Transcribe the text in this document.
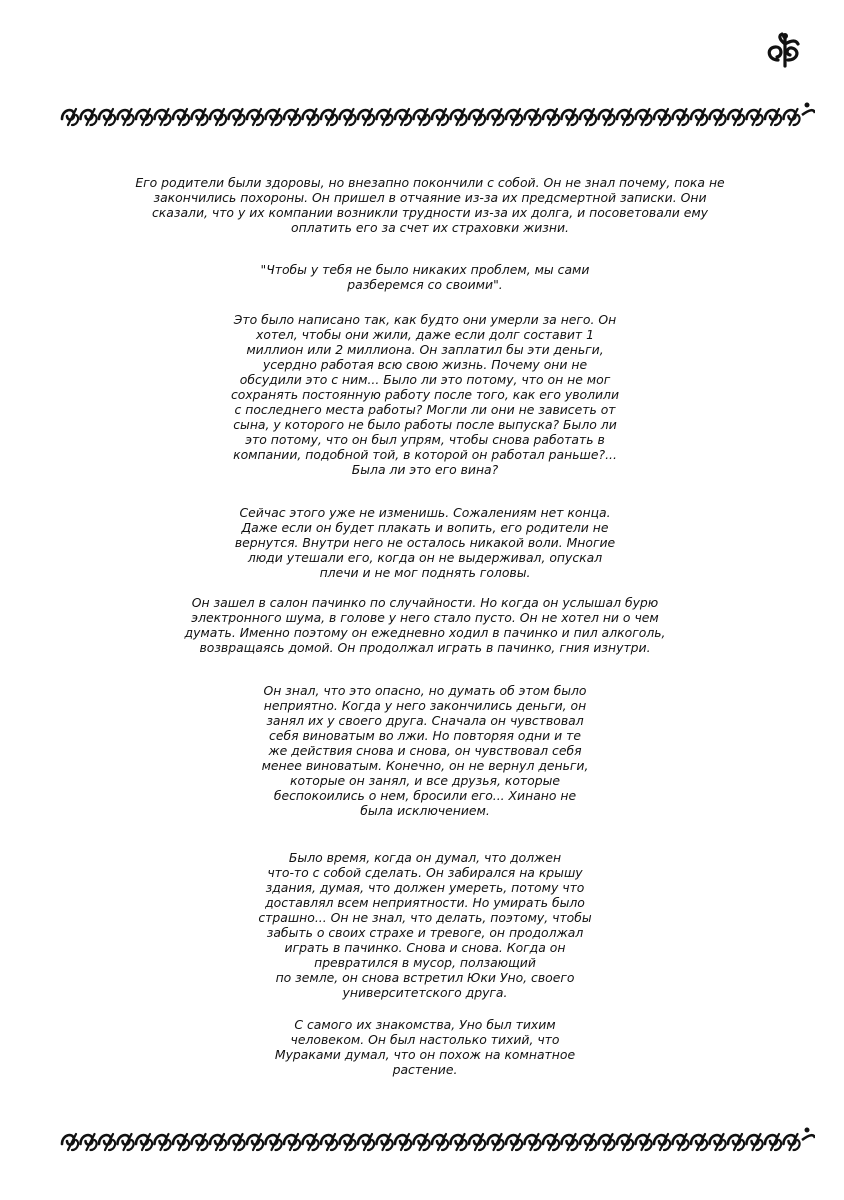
Его родители были здоровы, но внезапно покончили с собой. Он не знал почему, пока не
закончились похороны. Он пришел в отчаяние из-за их предсмертной записки. Они
сказали, что у их компании возникли трудности из-за их долга, и посоветовали ему
оплатить его за счет их страховки жизни.

"Чтобы у тебя не было никаких проблем, мы сами
разберемся со своими".

Это было написано так, как будто они умерли за него. Он
хотел, чтобы они жили, даже если долг составит 1
миллион или 2 миллиона. Он заплатил бы эти деньги,
усердно работая всю свою жизнь. Почему они не
обсудили это с ним... Было ли это потому, что он не мог
сохранять постоянную работу после того, как его уволили
с последнего места работы? Могли ли они не зависеть от
сына, у которого не было работы после выпуска? Было ли
это потому, что он был упрям, чтобы снова работать в
компании, подобной той, в которой он работал раньше?...
Была ли это его вина?

Сейчас этого уже не изменишь. Сожалениям нет конца.
Даже если он будет плакать и вопить, его родители не
вернутся. Внутри него не осталось никакой воли. Многие
люди утешали его, когда он не выдерживал, опускал
плечи и не мог поднять головы.

Он зашел в салон пачинко по случайности. Но когда он услышал бурю
электронного шума, в голове у него стало пусто. Он не хотел ни о чем
думать. Именно поэтому он ежедневно ходил в пачинко и пил алкоголь,
возвращаясь домой. Он продолжал играть в пачинко, гния изнутри.

Он знал, что это опасно, но думать об этом было
неприятно. Когда у него закончились деньги, он
занял их у своего друга. Сначала он чувствовал
себя виноватым во лжи. Но повторяя одни и те
же действия снова и снова, он чувствовал себя
менее виноватым. Конечно, он не вернул деньги,
которые он занял, и все друзья, которые
беспокоились о нем, бросили его... Хинано не
была исключением.

Было время, когда он думал, что должен
что-то с собой сделать. Он забирался на крышу
здания, думая, что должен умереть, потому что
доставлял всем неприятности. Но умирать было
страшно... Он не знал, что делать, поэтому, чтобы
забыть о своих страхе и тревоге, он продолжал
играть в пачинко. Снова и снова. Когда он
превратился в мусор, ползающий
по земле, он снова встретил Юки Уно, своего
университетского друга.

С самого их знакомства, Уно был тихим
человеком. Он был настолько тихий, что
Мураками думал, что он похож на комнатное
растение.
